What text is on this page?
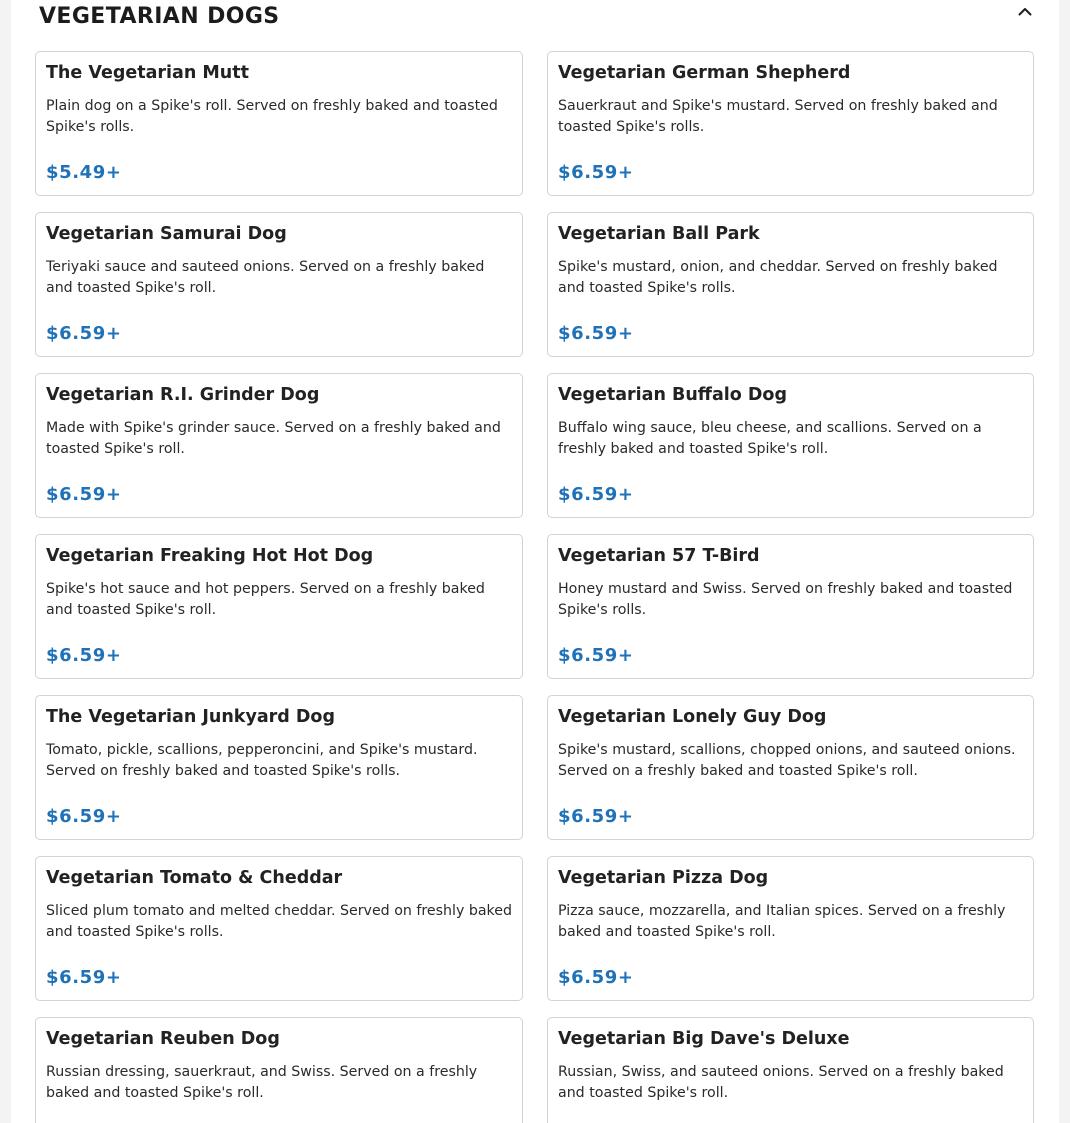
VEGETARIAN DOGS
The Vegetarian Mutt
Plain dog on a Spike's roll. Served on freshly baked and toasted Spike's rolls.
$5.49+
Vegetarian German Shepherd
Sauerkraut and Spike's mustard. Served on freshly baked and toasted Spike's rolls.
$6.59+
Vegetarian Samurai Dog
Teriyaki sauce and sauteed onions. Served on a freshly baked and toasted Spike's roll.
$6.59+
Vegetarian Ball Park
Spike's mustard, onion, and cheddar. Served on freshly baked and toasted Spike's rolls.
$6.59+
Vegetarian R.I. Grinder Dog
Made with Spike's grinder sauce. Served on a freshly baked and toasted Spike's roll.
$6.59+
Vegetarian Buffalo Dog
Buffalo wing sauce, bleu cheese, and scallions. Served on a freshly baked and toasted Spike's roll.
$6.59+
Vegetarian Freaking Hot Hot Dog
Spike's hot sauce and hot peppers. Served on a freshly baked and toasted Spike's roll.
$6.59+
Vegetarian 57 T-Bird
Honey mustard and Swiss. Served on freshly baked and toasted Spike's rolls.
$6.59+
The Vegetarian Junkyard Dog
Tomato, pickle, scallions, pepperoncini, and Spike's mustard. Served on freshly baked and toasted Spike's rolls.
$6.59+
Vegetarian Lonely Guy Dog
Spike's mustard, scallions, chopped onions, and sauteed onions. Served on a freshly baked and toasted Spike's roll.
$6.59+
Vegetarian Tomato & Cheddar
Sliced plum tomato and melted cheddar. Served on freshly baked and toasted Spike's rolls.
$6.59+
Vegetarian Pizza Dog
Pizza sauce, mozzarella, and Italian spices. Served on a freshly baked and toasted Spike's roll.
$6.59+
Vegetarian Reuben Dog
Russian dressing, sauerkraut, and Swiss. Served on a freshly baked and toasted Spike's roll.
Vegetarian Big Dave's Deluxe
Russian, Swiss, and sauteed onions. Served on a freshly baked and toasted Spike's roll.
